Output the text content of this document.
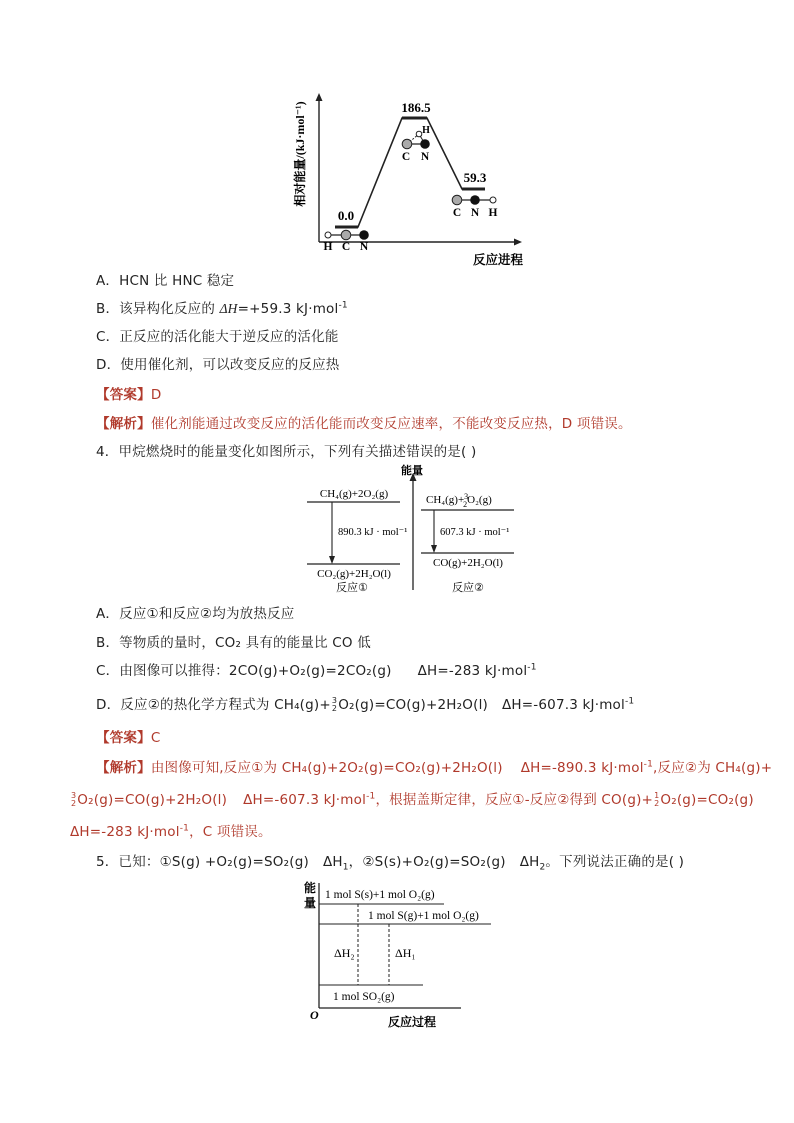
相对能量/(kJ·mol⁻¹)
反应进程
0.0
186.5
59.3
H C N
C N
H
C N H
A．HCN 比 HNC 稳定
B．该异构化反应的 ΔH=+59.3 kJ·mol$^{-1}$
C．正反应的活化能大于逆反应的活化能
D．使用催化剂，可以改变反应的反应热
【答案】D
【解析】催化剂能通过改变反应的活化能而改变反应速率，不能改变反应热，D 项错误。
4．甲烷燃烧时的能量变化如图所示，下列有关描述错误的是( )
能量
CH₄(g)+2O₂(g)
890.3 kJ · mol⁻¹
CO₂(g)+2H₂O(l)
反应①
CH₄(g)+$^3$ 2O₂(g)
607.3 kJ · mol⁻¹
CO(g)+2H₂O(l)
反应②
A．反应①和反应②均为放热反应
B．等物质的量时，CO₂ 具有的能量比 CO 低
C．由图像可以推得：2CO(g)+O₂(g)=2CO₂(g) ΔH=-283 kJ·mol$^{-1}$
D．反应②的热化学方程式为 CH₄(g)+ 3
2 O₂(g)=CO(g)+2H₂O(l) ΔH=-607.3 kJ·mol$^{-1}$
【答案】C
【解析】由图像可知,反应①为 CH₄(g)+2O₂(g)=CO₂(g)+2H₂O(l) ΔH=-890.3 kJ·mol$^{-1}$,反应②为 CH₄(g)+
3
2 O₂(g)=CO(g)+2H₂O(l) ΔH=-607.3 kJ·mol$^{-1}$，根据盖斯定律，反应①-反应②得到 CO(g)+ 1
2 O₂(g)=CO₂(g)
ΔH=-283 kJ·mol$^{-1}$，C 项错误。
5．已知：①S(g) +O₂(g)=SO₂(g) $\Delta H_1$，②S(s)+O₂(g)=SO₂(g) $\Delta H_2$。下列说法正确的是( )
能
量
1 mol S(s)+1 mol O₂(g)
1 mol S(g)+1 mol O₂(g)
1 mol SO₂(g)
ΔH₂	ΔH₁
O	反应过程
